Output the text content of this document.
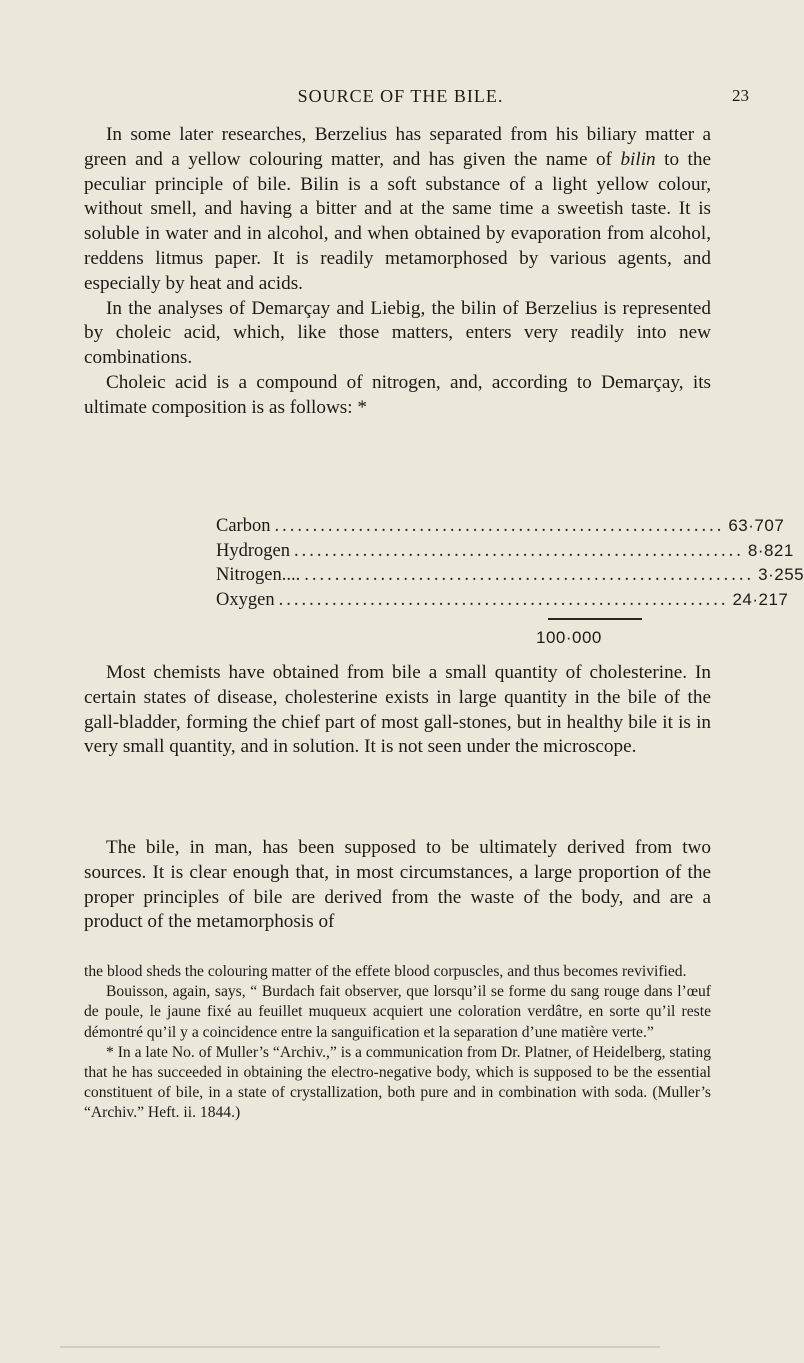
SOURCE OF THE BILE.	23

In some later researches, Berzelius has separated from his biliary matter a green and a yellow colouring matter, and has given the name of bilin to the peculiar principle of bile. Bilin is a soft substance of a light yellow colour, without smell, and having a bitter and at the same time a sweetish taste. It is soluble in water and in alcohol, and when obtained by evaporation from alcohol, reddens litmus paper. It is readily metamorphosed by various agents, and especially by heat and acids.

In the analyses of Demarçay and Liebig, the bilin of Berzelius is represented by choleic acid, which, like those matters, enters very readily into new combinations.

Choleic acid is a compound of nitrogen, and, according to Demarçay, its ultimate composition is as follows: *

Carbon ........................................................... 63·707
Hydrogen ........................................................... 8·821
Nitrogen.... ........................................................... 3·255
Oxygen ........................................................... 24·217
100·000

Most chemists have obtained from bile a small quantity of cholesterine. In certain states of disease, cholesterine exists in large quantity in the bile of the gall-bladder, forming the chief part of most gall-stones, but in healthy bile it is in very small quantity, and in solution. It is not seen under the microscope.

The bile, in man, has been supposed to be ultimately derived from two sources. It is clear enough that, in most circumstances, a large proportion of the proper principles of bile are derived from the waste of the body, and are a product of the metamorphosis of

the blood sheds the colouring matter of the effete blood corpuscles, and thus becomes revivified.

Bouisson, again, says, “ Burdach fait observer, que lorsqu’il se forme du sang rouge dans l’œuf de poule, le jaune fixé au feuillet muqueux acquiert une coloration verdâtre, en sorte qu’il reste démontré qu’il y a coincidence entre la sanguification et la separation d’une matière verte.”

* In a late No. of Muller’s “Archiv.,” is a communication from Dr. Platner, of Heidelberg, stating that he has succeeded in obtaining the electro-negative body, which is supposed to be the essential constituent of bile, in a state of crystallization, both pure and in combination with soda. (Muller’s “Archiv.” Heft. ii. 1844.)
